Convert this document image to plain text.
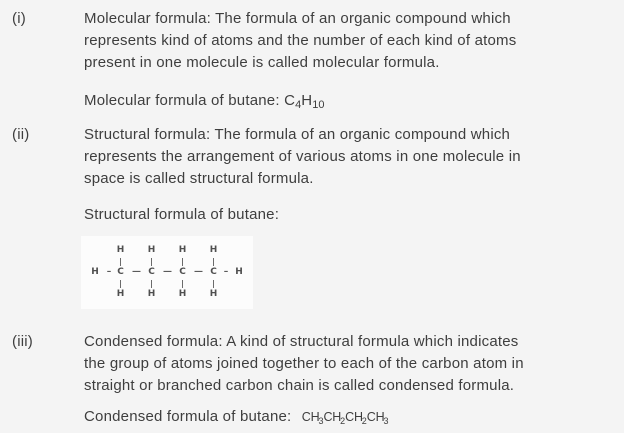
(i)	Molecular formula: The formula of an organic compound which
represents kind of atoms and the number of each kind of atoms
present in one molecule is called molecular formula.
Molecular formula of butane: $C_4H_{10}$
(ii)	Structural formula: The formula of an organic compound which
represents the arrangement of various atoms in one molecule in
space is called structural formula.
Structural formula of butane:
H	H	H	H
|	|	|	|
H – C — C — C — C – H
|	|	|	|
H	H	H	H
(iii)	Condensed formula: A kind of structural formula which indicates
the group of atoms joined together to each of the carbon atom in
straight or branched carbon chain is called condensed formula.
Condensed formula of butane: $CH_3CH_2CH_2CH_3$
